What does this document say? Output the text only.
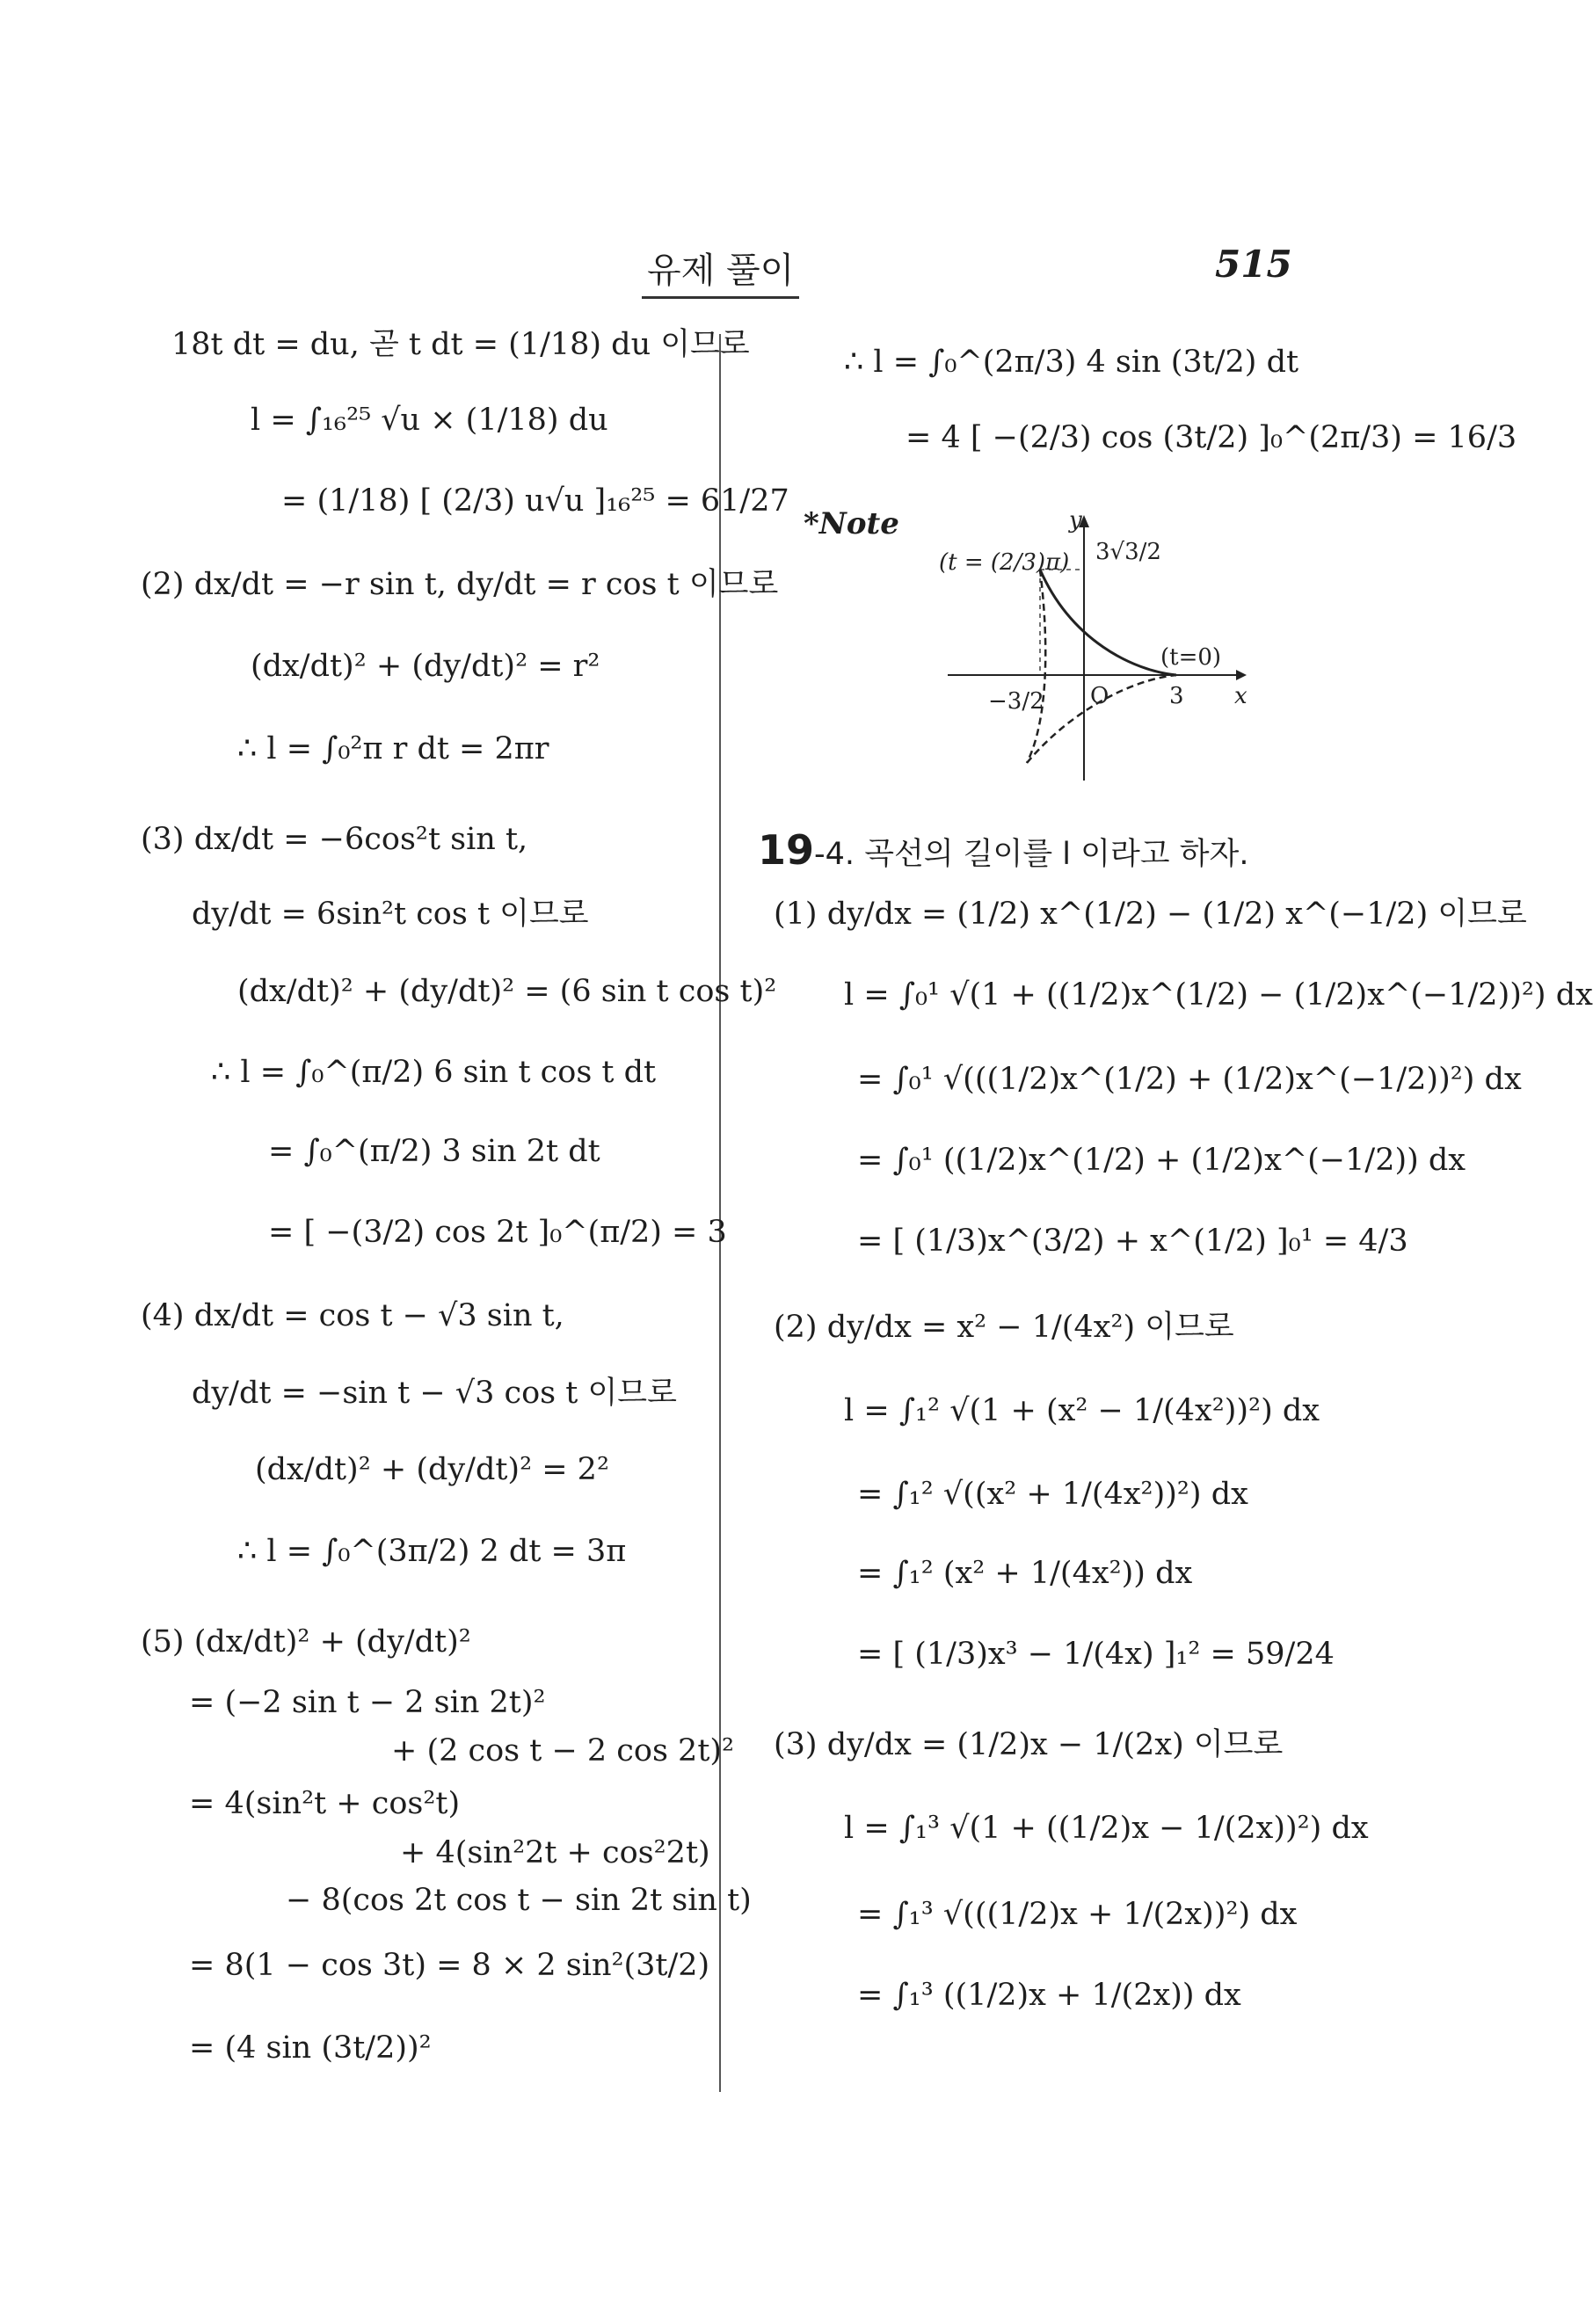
유제 풀이	515
18t dt = du, 곧 t dt = (1/18) du 이므로
l = ∫₁₆²⁵ √u × (1/18) du
= (1/18) [ (2/3) u√u ]₁₆²⁵ = 61/27
(2) dx/dt = −r sin t, dy/dt = r cos t 이므로
(dx/dt)² + (dy/dt)² = r²
∴ l = ∫₀²π r dt = 2πr
(3) dx/dt = −6cos²t sin t,
dy/dt = 6sin²t cos t 이므로
(dx/dt)² + (dy/dt)² = (6 sin t cos t)²
∴ l = ∫₀^(π/2) 6 sin t cos t dt
= ∫₀^(π/2) 3 sin 2t dt
= [ −(3/2) cos 2t ]₀^(π/2) = 3
(4) dx/dt = cos t − √3 sin t,
dy/dt = −sin t − √3 cos t 이므로
(dx/dt)² + (dy/dt)² = 2²
∴ l = ∫₀^(3π/2) 2 dt = 3π
(5) (dx/dt)² + (dy/dt)²
= (−2 sin t − 2 sin 2t)²
+ (2 cos t − 2 cos 2t)²
= 4(sin²t + cos²t)
+ 4(sin²2t + cos²2t)
− 8(cos 2t cos t − sin 2t sin t)
= 8(1 − cos 3t) = 8 × 2 sin²(3t/2)
= (4 sin (3t/2))²
∴ l = ∫₀^(2π/3) 4 sin (3t/2) dt
= 4 [ −(2/3) cos (3t/2) ]₀^(2π/3) = 16/3
*Note
19-4. 곡선의 길이를 l 이라고 하자.
(1) dy/dx = (1/2) x^(1/2) − (1/2) x^(−1/2) 이므로
l = ∫₀¹ √(1 + ((1/2)x^(1/2) − (1/2)x^(−1/2))²) dx
= ∫₀¹ √(((1/2)x^(1/2) + (1/2)x^(−1/2))²) dx
= ∫₀¹ ((1/2)x^(1/2) + (1/2)x^(−1/2)) dx
= [ (1/3)x^(3/2) + x^(1/2) ]₀¹ = 4/3
(2) dy/dx = x² − 1/(4x²) 이므로
l = ∫₁² √(1 + (x² − 1/(4x²))²) dx
= ∫₁² √((x² + 1/(4x²))²) dx
= ∫₁² (x² + 1/(4x²)) dx
= [ (1/3)x³ − 1/(4x) ]₁² = 59/24
(3) dy/dx = (1/2)x − 1/(2x) 이므로
l = ∫₁³ √(1 + ((1/2)x − 1/(2x))²) dx
= ∫₁³ √(((1/2)x + 1/(2x))²) dx
= ∫₁³ ((1/2)x + 1/(2x)) dx
y
(t = (2/3)π) 3√3/2
(t=0)
−3/2 O	3 x
